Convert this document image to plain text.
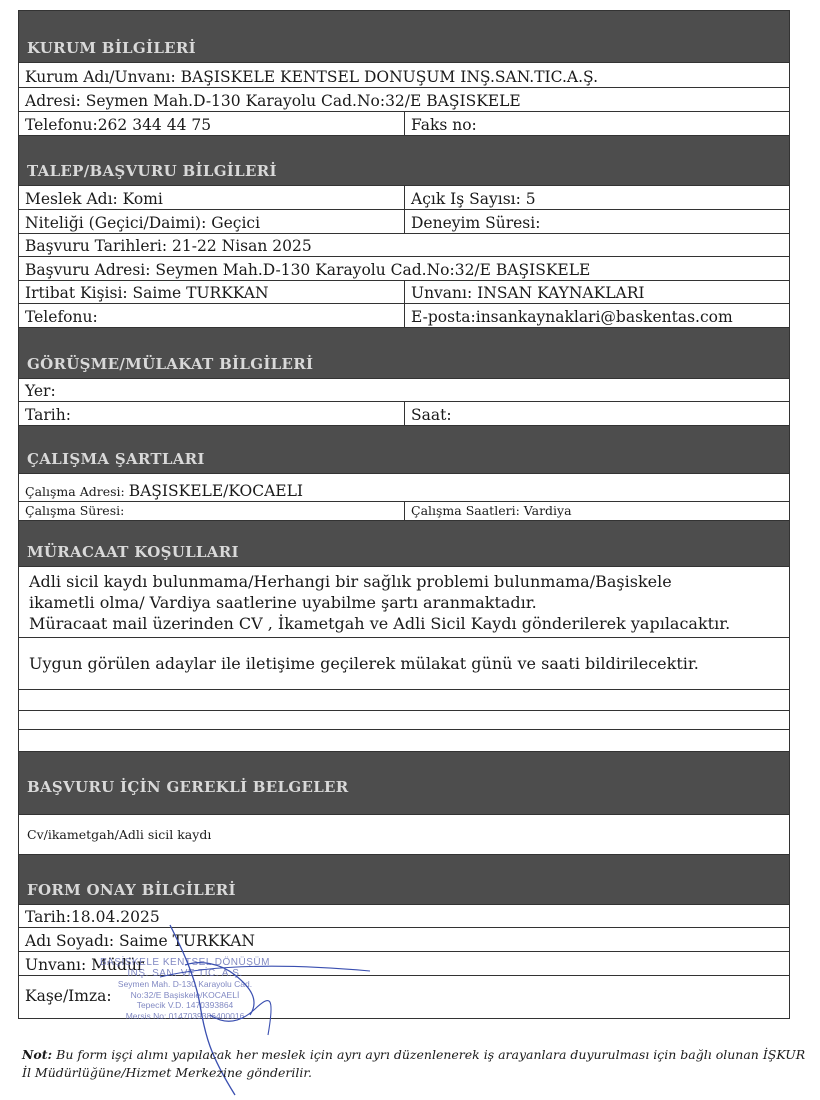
KURUM BİLGİLERİ
Kurum Adı/Unvanı: BAŞİSKELE KENTSEL DÖNÜŞÜM İNŞ.SAN.TİC.A.Ş.
Adresi: Seymen Mah.D-130 Karayolu Cad.No:32/E BAŞİSKELE
Telefonu:262 344 44 75	Faks no:
TALEP/BAŞVURU BİLGİLERİ
Meslek Adı: Komi	Açık İş Sayısı: 5
Niteliği (Geçici/Daimi): Geçici	Deneyim Süresi:
Başvuru Tarihleri: 21-22 Nisan 2025
Başvuru Adresi: Seymen Mah.D-130 Karayolu Cad.No:32/E BAŞİSKELE
İrtibat Kişisi: Saime TÜRKKAN	Unvanı: İNSAN KAYNAKLARI
Telefonu:	E-posta:insankaynaklari@baskentas.com
GÖRÜŞME/MÜLAKAT BİLGİLERİ
Yer:
Tarih:	Saat:
ÇALIŞMA ŞARTLARI
Çalışma Adresi: BAŞİSKELE/KOCAELİ
Çalışma Süresi:	Çalışma Saatleri: Vardiya
MÜRACAAT KOŞULLARI
Adli sicil kaydı bulunmama/Herhangi bir sağlık problemi bulunmama/Başiskele
ikametli olma/ Vardiya saatlerine uyabilme şartı aranmaktadır.
Müracaat mail üzerinden CV , İkametgah ve Adli Sicil Kaydı gönderilerek yapılacaktır.
Uygun görülen adaylar ile iletişime geçilerek mülakat günü ve saati bildirilecektir.
BAŞVURU İÇİN GEREKLİ BELGELER
Cv/ikametgah/Adli sicil kaydı
FORM ONAY BİLGİLERİ
Tarih:18.04.2025
Adı Soyadı: Saime TÜRKKAN
Unvanı: Müdür
Kaşe/İmza:
BAŞİSKELE KENTSEL DÖNÜŞÜM
İNŞ. SAN. VE TİC. A.Ş.
Seymen Mah. D-130 Karayolu Cad.
No:32/E Başiskele/KOCAELİ
Tepecik V.D. 1470393864
Mersis No: 0147039386400016
Not: Bu form işçi alımı yapılacak her meslek için ayrı ayrı düzenlenerek iş arayanlara duyurulması için bağlı olunan İŞKUR İl Müdürlüğüne/Hizmet Merkezine gönderilir.
